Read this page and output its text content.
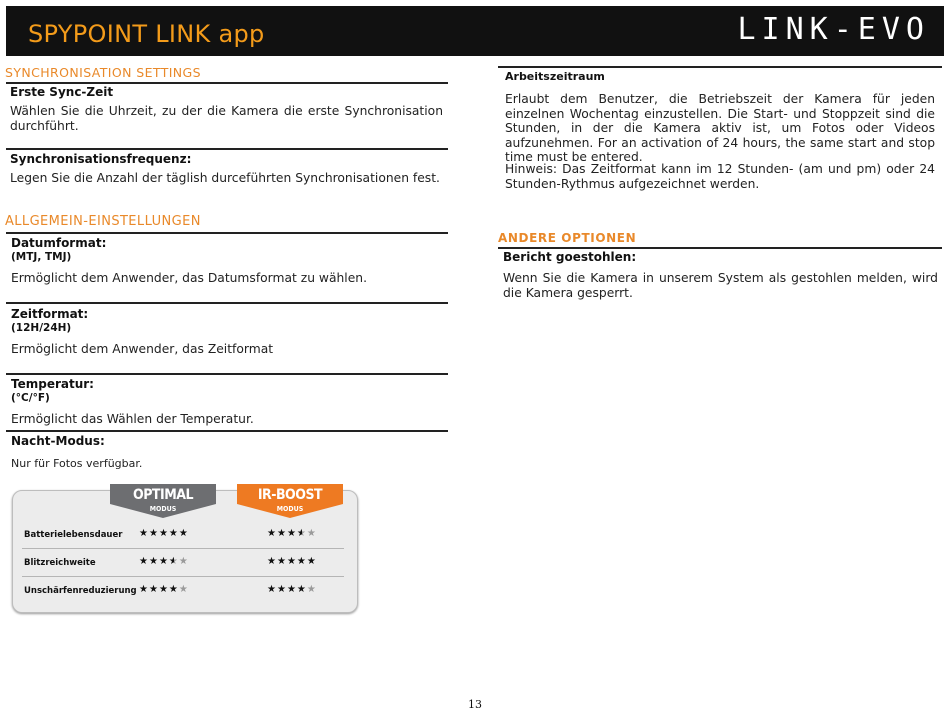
SPYPOINT LINK app	LINK-EVO
SYNCHRONISATION SETTINGS
Erste Sync-Zeit
Wählen Sie die Uhrzeit, zu der die Kamera die erste Synchronisation durchführt.
Synchronisationsfrequenz:
Legen Sie die Anzahl der täglish durceführten Synchronisationen fest.
ALLGEMEIN-EINSTELLUNGEN
Datumformat:
(MTJ, TMJ)
Ermöglicht dem Anwender, das Datumsformat zu wählen.
Zeitformat:
(12H/24H)
Ermöglicht dem Anwender, das Zeitformat
Temperatur:
(°C/°F)
Ermöglicht das Wählen der Temperatur.
Nacht-Modus:
Nur für Fotos verfügbar.
OPTIMAL
MODUS
IR-BOOST
MODUS
Batterielebensdauer ★★★★★	★★★★★
Blitzreichweite	★★★★★	★★★★★
Unschärfenreduzierung ★★★★★	★★★★★
Arbeitszeitraum
Erlaubt dem Benutzer, die Betriebszeit der Kamera für jeden einzelnen Wochentag einzustellen. Die Start- und Stoppzeit sind die Stunden, in der die Kamera aktiv ist, um Fotos oder Videos aufzunehmen. For an activation of 24 hours, the same start and stop time must be entered.
Hinweis: Das Zeitformat kann im 12 Stunden- (am und pm) oder 24 Stunden-Rythmus aufgezeichnet werden.
ANDERE OPTIONEN
Bericht goestohlen:
Wenn Sie die Kamera in unserem System als gestohlen melden, wird die Kamera gesperrt.
13
